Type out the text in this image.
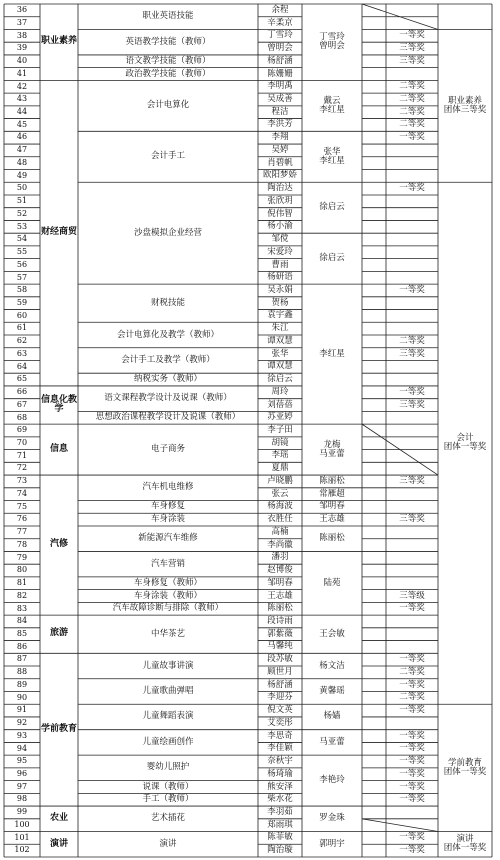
36
37
38
39
40
41
42
43
44
45
46
47
48
49
50
51
52
53
54
55
56
57
58
59
60
61
62
63
64
65
66
67
68
69
70
71
72
73
74
75
76
77
78
79
80
81
82
83
84
85
86
87
88
89
90
91
92
93
94
95
96
97
98
99
100
101
102
职业素养
财经商贸
信息化教学
信息
汽修
旅游
学前教育
农业
演讲
职业英语技能
英语教学技能（教师）
语文教学技能（教师）
政治教学技能（教师）
会计电算化
会计手工
沙盘模拟企业经营
财税技能
会计电算化及教学（教师）
会计手工及教学（教师）
纳税实务（教师）
语文课程教学设计及说课（教师）
思想政治课程教学设计及说课（教师）
电子商务
汽车机电维修
车身修复
车身涂装
新能源汽车维修
汽车营销
车身修复（教师）
车身涂装（教师）
汽车故障诊断与排除（教师）
中华茶艺
儿童故事讲演
儿童歌曲弹唱
儿童舞蹈表演
儿童绘画创作
婴幼儿照护
说课（教师）
手工（教师）
艺术插花
演讲
余程
辛柔京
丁雪玲
曾明会
杨舒涵
陈姗姗
李明禹
吴成善
程洁
李洪芳
李翔
吴婷
肖碧帆
欧阳梦娇
陶治达
张欣玥
倪伟智
杨小渝
邹傥
宋爱玲
曹雨
杨研语
吴永娟
贺杨
袁宇鑫
朱江
谭双慧
张华
谭双慧
徐启云
周玲
刘蓓蓓
苏亚婷
李子田
胡镜
李瑶
夏鼎
卢晓鹏
张云
杨海波
衣胜任
高楠
李尚徽
潘羽
赵博俊
邹明春
王志雄
陈丽松
段诗雨
郭紫薇
马馨纯
段苏敏
顾世月
杨舒涵
李迎芬
倪文英
艾奕彤
李思奇
李佳颖
奈秋宇
杨琦瑜
熊安泽
柴水花
李羽茹
郑雨琪
陈菲敏
陶治璇
丁雪玲
曾明会
戴云
李红星
张华
李红星
徐启云
徐启云
李红星
龙梅
马亚蕾
陈丽松
常雁超
邹明春
王志雄
陈丽松
陆苑
王会敏
杨文洁
黄馨瑶
杨嫱
马亚蕾
李艳玲
罗金珠
郭明宇
一等奖
三等奖
三等奖
二等奖
二等奖
二等奖
二等奖
一等奖
一等奖
一等奖
二等奖
三等奖
一等奖
三等奖
三等奖
三等奖
三等级
一等奖
一等奖
二等奖
一等奖
二等奖
一等奖
一等奖
一等奖
一等奖
一等奖
一等奖
一等奖
一等奖
一等奖
职业素养
团体三等奖
会计
团体一等奖
学前教育
团体一等奖
演讲
团体一等奖
